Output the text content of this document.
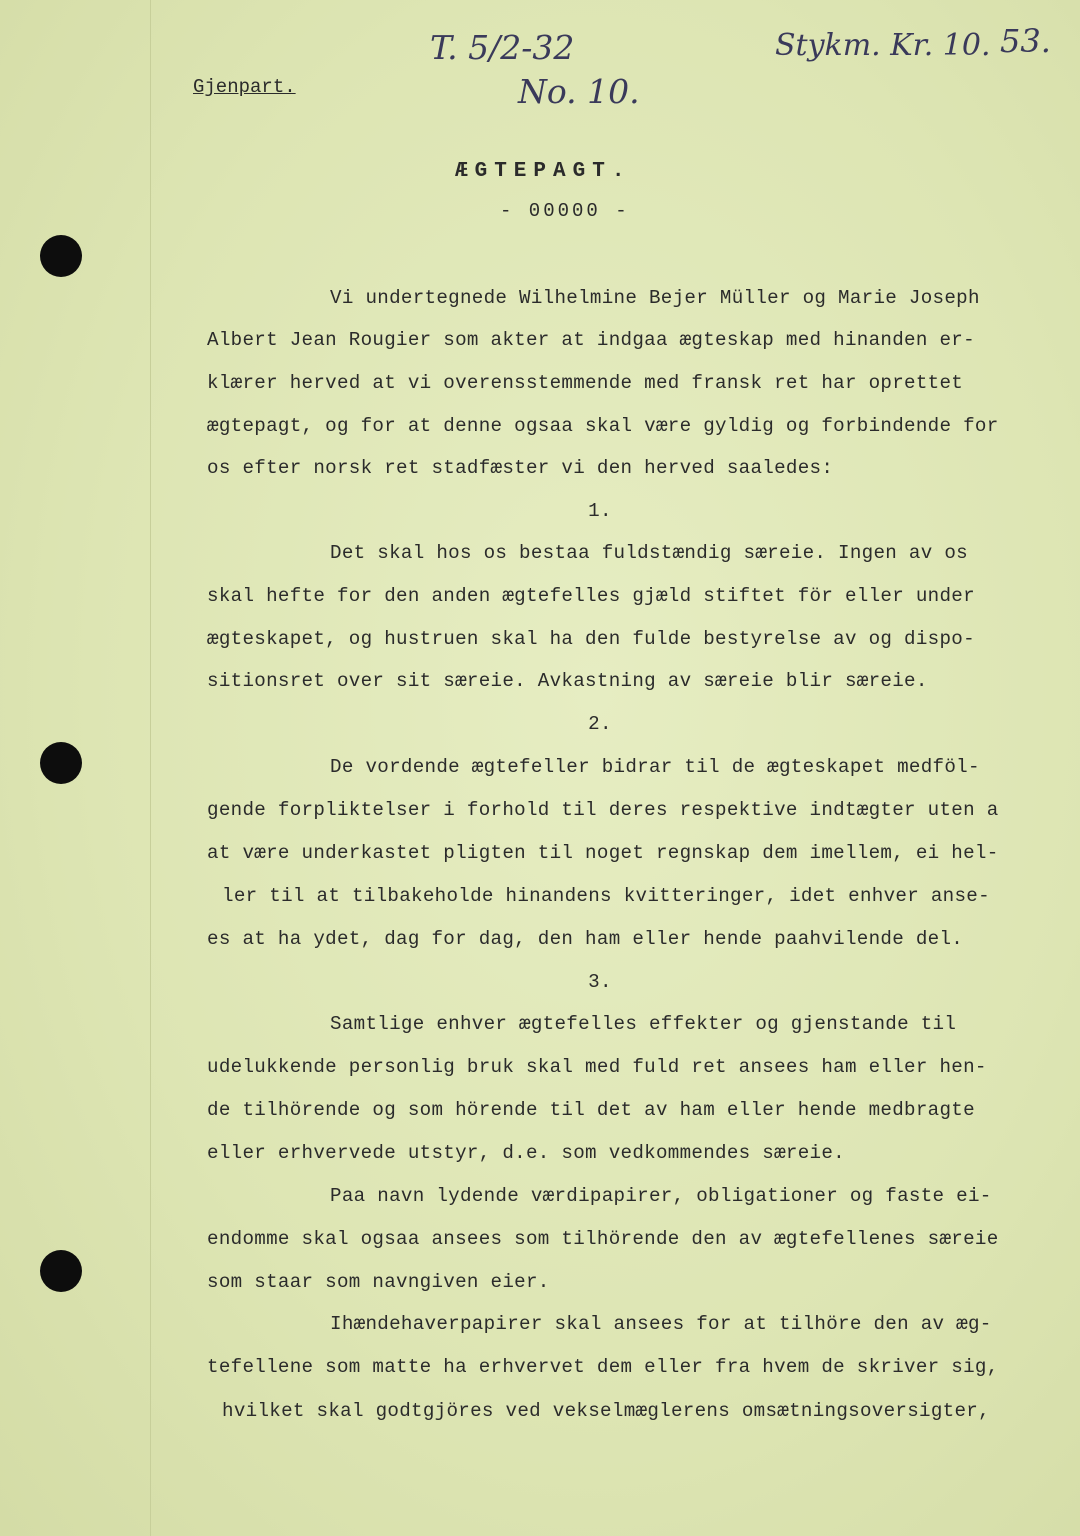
Gjenpart.
T. 5/2-32
No. 10.
Stykm. Kr. 10. 53.
ÆGTEPAGT.
- 00000 -
Vi undertegnede Wilhelmine Bejer Müller og Marie Joseph
Albert Jean Rougier som akter at indgaa ægteskap med hinanden er-
klærer herved at vi overensstemmende med fransk ret har oprettet
ægtepagt, og for at denne ogsaa skal være gyldig og forbindende for
os efter norsk ret stadfæster vi den herved saaledes:
1.
Det skal hos os bestaa fuldstændig særeie. Ingen av os
skal hefte for den anden ægtefelles gjæld stiftet för eller under
ægteskapet, og hustruen skal ha den fulde bestyrelse av og dispo-
sitionsret over sit særeie. Avkastning av særeie blir særeie.
2.
De vordende ægtefeller bidrar til de ægteskapet medföl-
gende forpliktelser i forhold til deres respektive indtægter uten a
at være underkastet pligten til noget regnskap dem imellem, ei hel-
ler til at tilbakeholde hinandens kvitteringer, idet enhver anse-
es at ha ydet, dag for dag, den ham eller hende paahvilende del.
3.
Samtlige enhver ægtefelles effekter og gjenstande til
udelukkende personlig bruk skal med fuld ret ansees ham eller hen-
de tilhörende og som hörende til det av ham eller hende medbragte
eller erhvervede utstyr, d.e. som vedkommendes særeie.
Paa navn lydende værdipapirer, obligationer og faste ei-
endomme skal ogsaa ansees som tilhörende den av ægtefellenes særeie
som staar som navngiven eier.
Ihændehaverpapirer skal ansees for at tilhöre den av æg-
tefellene som matte ha erhvervet dem eller fra hvem de skriver sig,
hvilket skal godtgjöres ved vekselmæglerens omsætningsoversigter,
